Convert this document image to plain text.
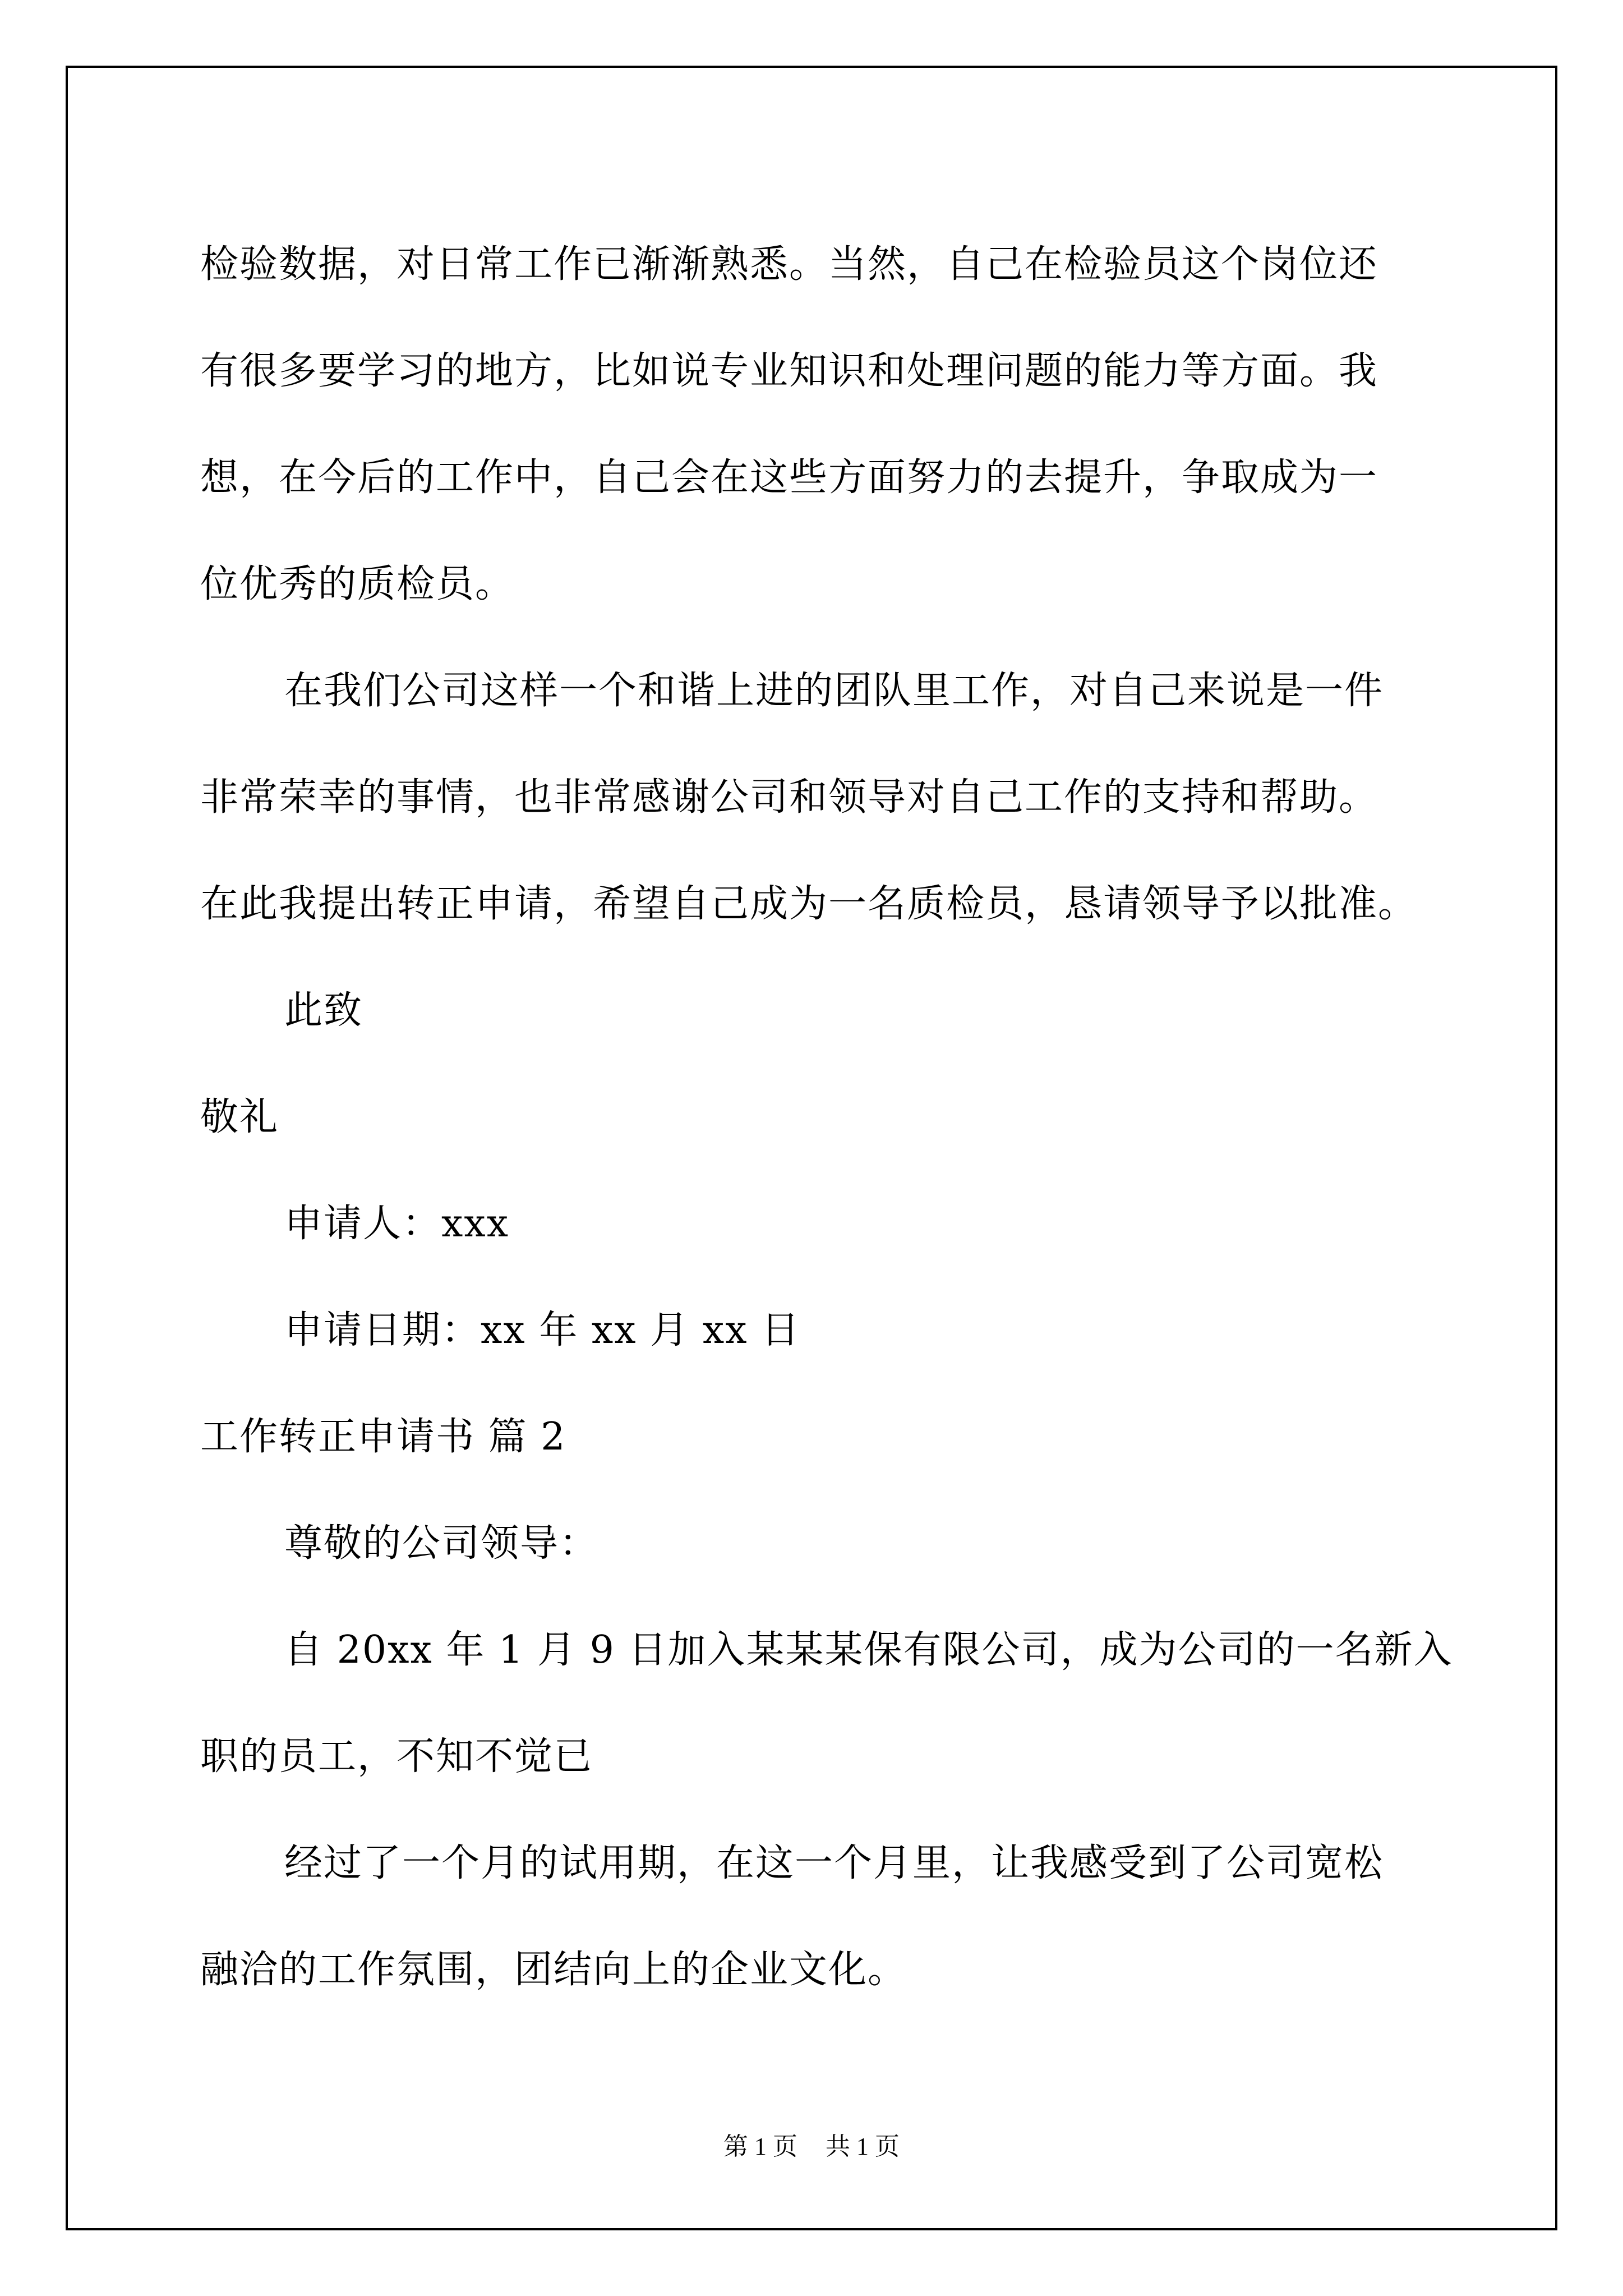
检验数据，对日常工作已渐渐熟悉。当然，自己在检验员这个岗位还
有很多要学习的地方，比如说专业知识和处理问题的能力等方面。我
想，在今后的工作中，自己会在这些方面努力的去提升，争取成为一
位优秀的质检员。
在我们公司这样一个和谐上进的团队里工作，对自己来说是一件
非常荣幸的事情，也非常感谢公司和领导对自己工作的支持和帮助。
在此我提出转正申请，希望自己成为一名质检员，恳请领导予以批准。
此致
敬礼
申请人：xxx
申请日期：xx 年 xx 月 xx 日
工作转正申请书 篇 2
尊敬的公司领导：
自 20xx 年 1 月 9 日加入某某某保有限公司，成为公司的一名新入
职的员工，不知不觉已
经过了一个月的试用期，在这一个月里，让我感受到了公司宽松
融洽的工作氛围，团结向上的企业文化。
第 1 页 共 1 页
